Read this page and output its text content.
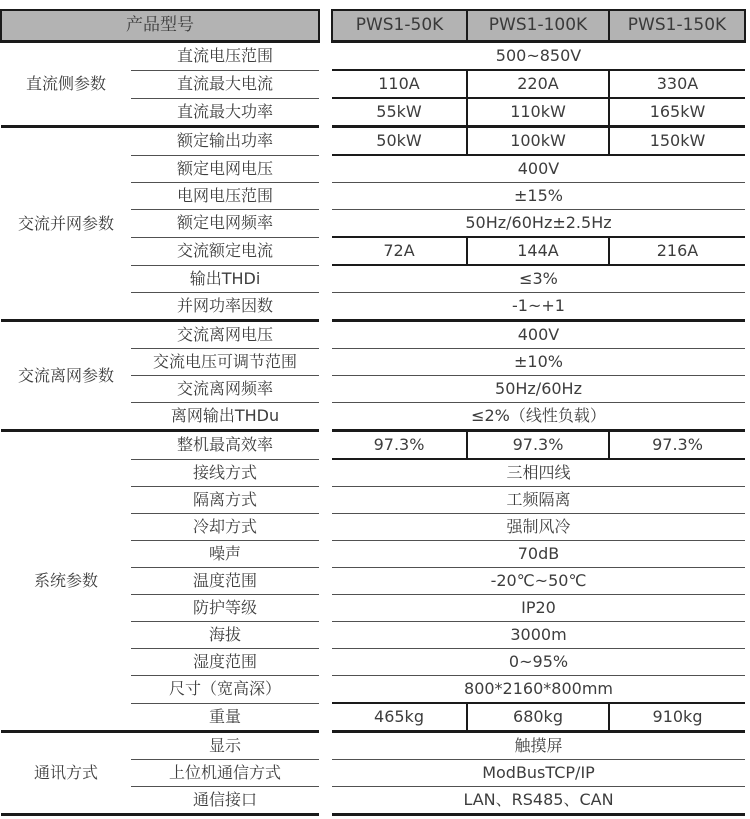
产品型号			PWS1-50K	PWS1-100K	PWS1-150K
直流侧参数	直流电压范围		500~850V		
	直流最大电流		110A	220A	330A
	直流最大功率		55kW	110kW	165kW
交流并网参数	额定输出功率		50kW	100kW	150kW
	额定电网电压		400V		
	电网电压范围		±15%		
	额定电网频率		50Hz/60Hz±2.5Hz		
	交流额定电流		72A	144A	216A
	输出THDi		≤3%		
	并网功率因数		-1~+1		
交流离网参数	交流离网电压		400V		
	交流电压可调节范围		±10%		
	交流离网频率		50Hz/60Hz		
	离网输出THDu		≤2%（线性负载）		
系统参数	整机最高效率		97.3%	97.3%	97.3%
	接线方式		三相四线		
	隔离方式		工频隔离		
	冷却方式		强制风冷		
	噪声		70dB		
	温度范围		-20℃~50℃		
	防护等级		IP20		
	海拔		3000m		
	湿度范围		0~95%		
	尺寸（宽高深）		800*2160*800mm		
	重量		465kg	680kg	910kg
通讯方式	显示		触摸屏		
	上位机通信方式		ModBusTCP/IP		
	通信接口		LAN、RS485、CAN		
